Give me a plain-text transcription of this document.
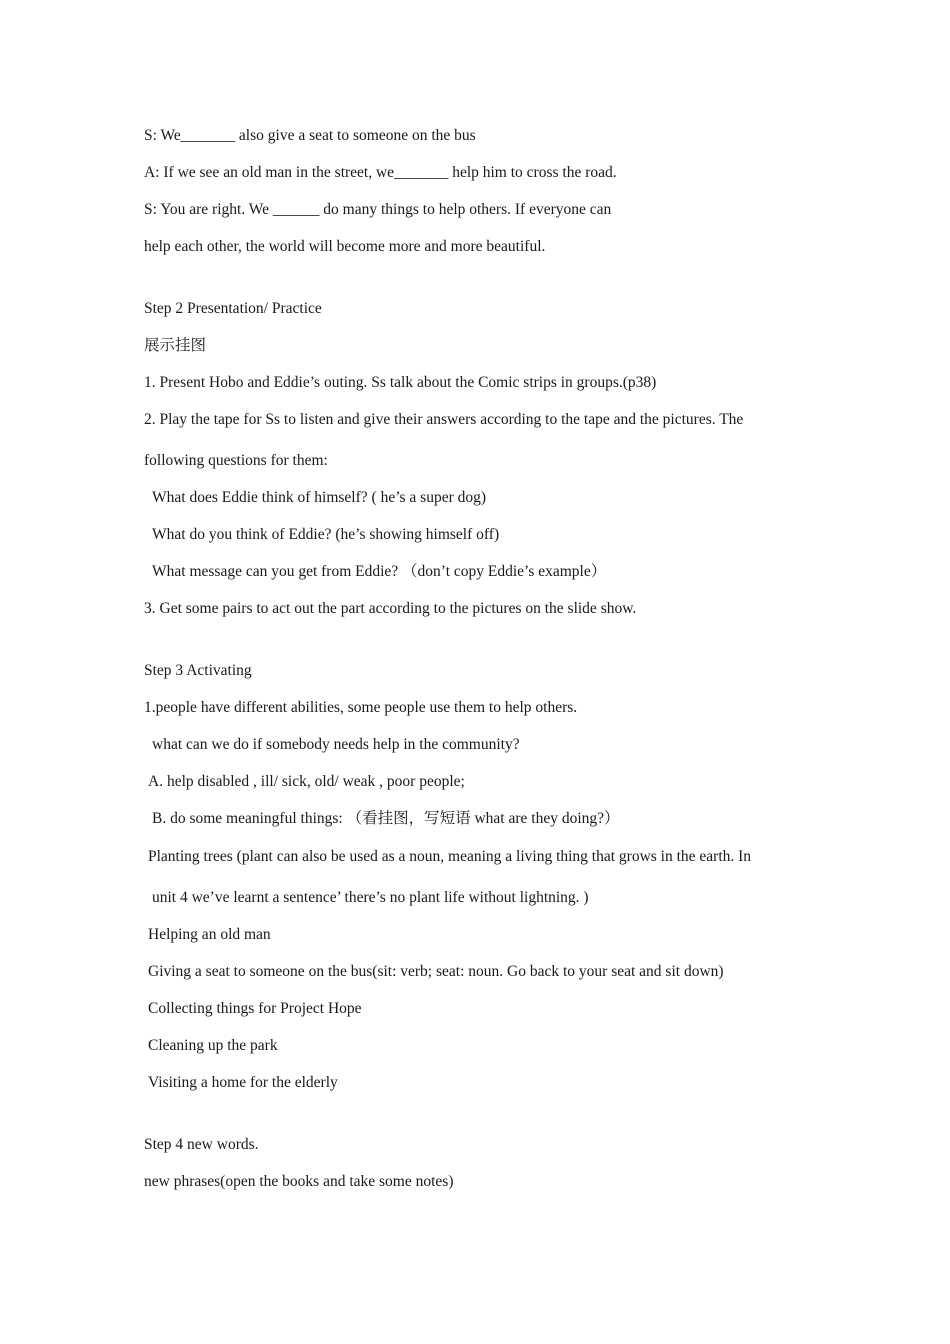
S: We_______ also give a seat to someone on the bus
A: If we see an old man in the street, we_______ help him to cross the road.
S: You are right. We ______ do many things to help others. If everyone can
help each other, the world will become more and more beautiful.
Step 2 Presentation/ Practice
展示挂图
1. Present Hobo and Eddie’s outing. Ss talk about the Comic strips in groups.(p38)
2. Play the tape for Ss to listen and give their answers according to the tape and the pictures. The
following questions for them:
What does Eddie think of himself? ( he’s a super dog)
What do you think of Eddie? (he’s showing himself off)
What message can you get from Eddie? （don’t copy Eddie’s example）
3. Get some pairs to act out the part according to the pictures on the slide show.
Step 3 Activating
1.people have different abilities, some people use them to help others.
what can we do if somebody needs help in the community?
A. help disabled , ill/ sick, old/ weak , poor people;
B. do some meaningful things: （看挂图，写短语 what are they doing?）
Planting trees (plant can also be used as a noun, meaning a living thing that grows in the earth. In
unit 4 we’ve learnt a sentence’ there’s no plant life without lightning. )
Helping an old man
Giving a seat to someone on the bus(sit: verb; seat: noun. Go back to your seat and sit down)
Collecting things for Project Hope
Cleaning up the park
Visiting a home for the elderly
Step 4 new words.
new phrases(open the books and take some notes)
